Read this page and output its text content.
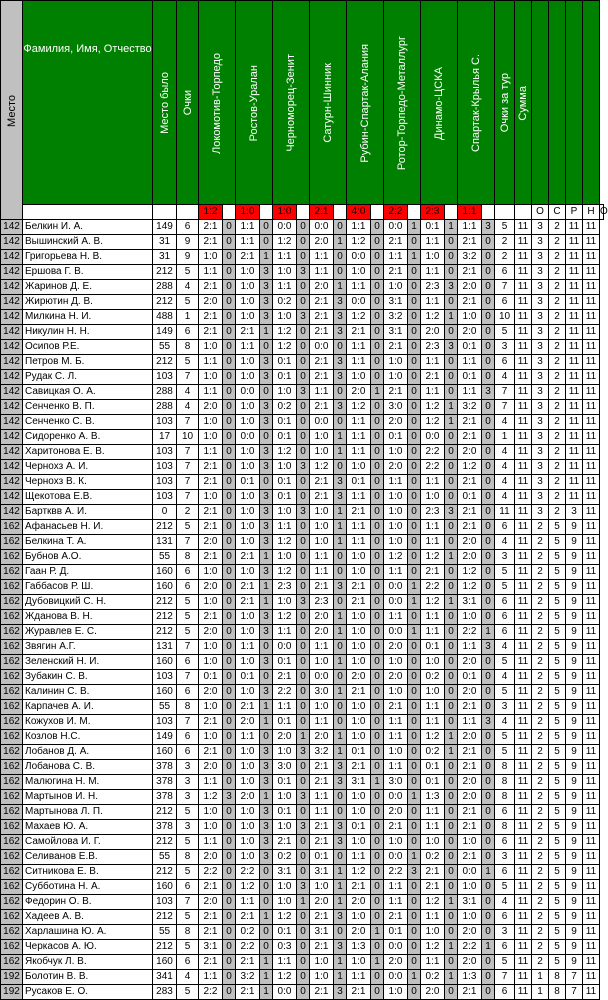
Место	Фамилия, Имя, Отчество	Место было	Очки	Локомотив-Торпедо		Ростов-Уралан		Черноморец-Зенит		Сатурн-Шинник		Рубин-Спартак-Алания		Ротор-Торпедо-Металлург		Динамо-ЦСКА		Спартак-Крылья С.		Очки за тур	Сумма					
				1:2		1:0		1:0		2:1		4:0		2:2		2:3		1:1				О	С	Р	Н	О
142	Белкин И. А.	149	6	2:1	0	1:1	0	0:0	0	0:0	0	1:1	0	0:0	1	0:1	1	1:1	3	5	11	3	2	11	11	
142	Вышинский А. В.	31	9	2:1	0	1:1	0	1:2	0	2:0	1	1:2	0	2:1	0	1:1	0	2:1	0	2	11	3	2	11	11	
142	Григорьева Н. В.	31	9	1:0	0	2:1	1	1:1	0	1:1	0	0:0	0	1:1	1	1:0	0	3:2	0	2	11	3	2	11	11	
142	Ершова Г. В.	212	5	1:1	0	1:0	3	1:0	3	1:1	0	1:0	0	2:1	0	1:1	0	2:1	0	6	11	3	2	11	11	
142	Жаринов Д. Е.	288	4	2:1	0	1:0	3	1:1	0	2:0	1	1:1	0	1:0	0	2:3	3	2:0	0	7	11	3	2	11	11	
142	Жирютин Д. В.	212	5	2:0	0	1:0	3	0:2	0	2:1	3	0:0	0	3:1	0	1:1	0	2:1	0	6	11	3	2	11	11	
142	Милкина Н. И.	488	1	2:1	0	1:0	3	1:0	3	2:1	3	1:2	0	3:2	0	1:2	1	1:0	0	10	11	3	2	11	11	
142	Никулин Н. Н.	149	6	2:1	0	2:1	1	1:2	0	2:1	3	2:1	0	3:1	0	2:0	0	2:0	0	5	11	3	2	11	11	
142	Осипов Р.Е.	55	8	1:0	0	1:1	0	1:2	0	0:0	0	1:1	0	2:1	0	2:3	3	0:1	0	3	11	3	2	11	11	
142	Петров М. Б.	212	5	1:1	0	1:0	3	0:1	0	2:1	3	1:1	0	1:0	0	1:1	0	1:1	0	6	11	3	2	11	11	
142	Рудак С. Л.	103	7	1:0	0	1:0	3	0:1	0	2:1	3	1:0	0	1:0	0	2:1	0	0:1	0	4	11	3	2	11	11	
142	Савицкая О. А.	288	4	1:1	0	0:0	0	1:0	3	1:1	0	2:0	1	2:1	0	1:1	0	1:1	3	7	11	3	2	11	11	
142	Сенченко В. П.	288	4	2:0	0	1:0	3	0:2	0	2:1	3	1:2	0	3:0	0	1:2	1	3:2	0	7	11	3	2	11	11	
142	Сенченко С. В.	103	7	1:0	0	1:0	3	0:1	0	0:0	0	1:1	0	2:0	0	1:2	1	2:1	0	4	11	3	2	11	11	
142	Сидоренко А. В.	17	10	1:0	0	0:0	0	0:1	0	1:0	1	1:1	0	0:1	0	0:0	0	2:1	0	1	11	3	2	11	11	
142	Харитонова Е. В.	103	7	1:1	0	1:0	3	1:2	0	1:0	1	1:1	0	1:0	0	2:2	0	2:0	0	4	11	3	2	11	11	
142	Чернохз А. И.	103	7	2:1	0	1:0	3	1:0	3	1:2	0	1:0	0	2:0	0	2:2	0	1:2	0	4	11	3	2	11	11	
142	Чернохз В. К.	103	7	2:1	0	0:1	0	0:1	0	2:1	3	0:1	0	1:1	0	1:1	0	2:1	0	4	11	3	2	11	11	
142	Щекотова Е.В.	103	7	1:0	0	1:0	3	0:1	0	2:1	3	1:1	0	1:0	0	1:0	0	0:1	0	4	11	3	2	11	11	
142	Бартквв А. И.	0	2	2:1	0	1:0	3	1:0	3	1:0	1	2:1	0	1:0	0	2:3	3	2:1	0	11	11	3	2	3	11	
162	Афанасьев Н. И.	212	5	2:1	0	1:0	3	1:1	0	1:0	1	1:1	0	1:0	0	1:1	0	2:1	0	6	11	2	5	9	11	
162	Белкина Т. А.	131	7	2:0	0	1:0	3	1:2	0	1:0	1	1:1	0	1:0	0	1:1	0	2:0	0	4	11	2	5	9	11	
162	Бубнов А.О.	55	8	2:1	0	2:1	1	1:0	0	1:1	0	1:0	0	1:2	0	1:2	1	2:0	0	3	11	2	5	9	11	
162	Гаан Р. Д.	160	6	1:0	0	1:0	3	1:2	0	1:1	0	1:0	0	1:1	0	2:1	0	1:2	0	5	11	2	5	9	11	
162	Габбасов Р. Ш.	160	6	2:0	0	2:1	1	2:3	0	2:1	3	2:1	0	0:0	1	2:2	0	1:2	0	5	11	2	5	9	11	
162	Дубовицкий С. Н.	212	5	1:0	0	2:1	1	1:0	3	2:3	0	2:1	0	0:0	1	1:2	1	3:1	0	6	11	2	5	9	11	
162	Жданова В. Н.	212	5	2:1	0	1:0	3	1:2	0	2:0	1	1:0	0	1:1	0	1:1	0	1:0	0	6	11	2	5	9	11	
162	Журавлев Е. С.	212	5	2:0	0	1:0	3	1:1	0	2:0	1	1:0	0	0:0	1	1:1	0	2:2	1	6	11	2	5	9	11	
162	Звягин А.Г.	131	7	1:0	0	1:1	0	0:0	0	1:1	0	1:0	0	2:0	0	0:1	0	1:1	3	4	11	2	5	9	11	
162	Зеленский Н. И.	160	6	1:0	0	1:0	3	0:1	0	1:0	1	1:0	0	1:0	0	1:0	0	2:0	0	5	11	2	5	9	11	
162	Зубакин С. В.	103	7	0:1	0	0:1	0	2:1	0	0:0	0	2:0	0	2:0	0	0:2	0	0:1	0	4	11	2	5	9	11	
162	Калинин С. В.	160	6	2:0	0	1:0	3	2:2	0	3:0	1	2:1	0	1:0	0	1:0	0	2:0	0	5	11	2	5	9	11	
162	Карпачев А. И.	55	8	1:0	0	2:1	1	1:1	0	1:0	0	1:0	0	2:1	0	1:1	0	2:1	0	3	11	2	5	9	11	
162	Кожухов И. М.	103	7	2:1	0	2:0	1	0:1	0	1:1	0	1:0	0	1:1	0	1:1	0	1:1	3	4	11	2	5	9	11	
162	Козлов Н.С.	149	6	1:0	0	1:1	0	2:0	1	2:0	1	1:0	0	1:1	0	1:2	1	2:0	0	5	11	2	5	9	11	
162	Лобанов Д. А.	160	6	2:1	0	1:0	3	1:0	3	3:2	1	0:1	0	1:0	0	0:2	1	2:1	0	5	11	2	5	9	11	
162	Лобанова С. В.	378	3	2:0	0	1:0	3	3:0	0	2:1	3	2:1	0	1:1	0	0:1	0	2:1	0	8	11	2	5	9	11	
162	Малюгина Н. М.	378	3	1:1	0	1:0	3	0:1	0	2:1	3	3:1	1	3:0	0	0:1	0	2:0	0	8	11	2	5	9	11	
162	Мартынов И. Н.	378	3	1:2	3	2:0	1	1:0	3	1:1	0	1:0	0	0:0	1	1:3	0	2:0	0	8	11	2	5	9	11	
162	Мартынова Л. П.	212	5	1:0	0	1:0	3	0:1	0	1:1	0	1:0	0	2:0	0	1:1	0	2:1	0	6	11	2	5	9	11	
162	Махаев Ю. А.	378	3	1:0	0	1:0	3	1:0	3	2:1	3	0:1	0	2:1	0	1:1	0	2:1	0	8	11	2	5	9	11	
162	Самойлова И. Г.	212	5	1:1	0	1:0	3	2:1	0	2:1	3	1:0	0	1:0	0	1:0	0	1:0	0	6	11	2	5	9	11	
162	Селиванов Е.В.	55	8	2:0	0	1:0	3	0:2	0	0:1	0	1:1	0	0:0	1	0:2	0	2:1	0	3	11	2	5	9	11	
162	Ситникова Е. В.	212	5	2:2	0	2:2	0	3:1	0	3:1	1	1:2	0	2:2	3	2:1	0	0:0	1	6	11	2	5	9	11	
162	Субботина Н. А.	160	6	2:1	0	1:2	0	1:0	3	1:0	1	2:1	0	1:1	0	2:1	0	1:0	0	5	11	2	5	9	11	
162	Федорин О. В.	103	7	2:0	0	1:1	0	1:0	1	2:0	1	2:0	0	1:1	0	1:2	1	3:1	0	4	11	2	5	9	11	
162	Хадеев А. В.	212	5	2:1	0	2:1	1	1:2	0	2:1	3	1:0	0	2:1	0	1:1	0	1:0	0	6	11	2	5	9	11	
162	Харлашина Ю. А.	55	8	2:1	0	0:2	0	0:1	0	3:1	0	2:0	1	0:1	0	1:0	0	2:0	0	3	11	2	5	9	11	
162	Черкасов А. Ю.	212	5	3:1	0	2:2	0	0:3	0	2:1	3	1:3	0	0:0	0	1:2	1	2:2	1	6	11	2	5	9	11	
162	Якобчук Л. В.	160	6	2:1	0	2:1	1	1:1	0	1:0	1	1:0	1	2:0	0	1:1	0	2:0	0	5	11	2	5	9	11	
192	Болотин В. В.	341	4	1:1	0	3:2	1	1:2	0	1:0	1	1:1	0	0:0	1	0:2	1	1:3	0	7	11	1	8	7	11	
192	Русаков Е. О.	283	5	2:2	0	2:1	1	0:0	0	2:1	3	2:1	0	1:0	0	2:0	0	2:1	0	6	11	1	8	7	11	
